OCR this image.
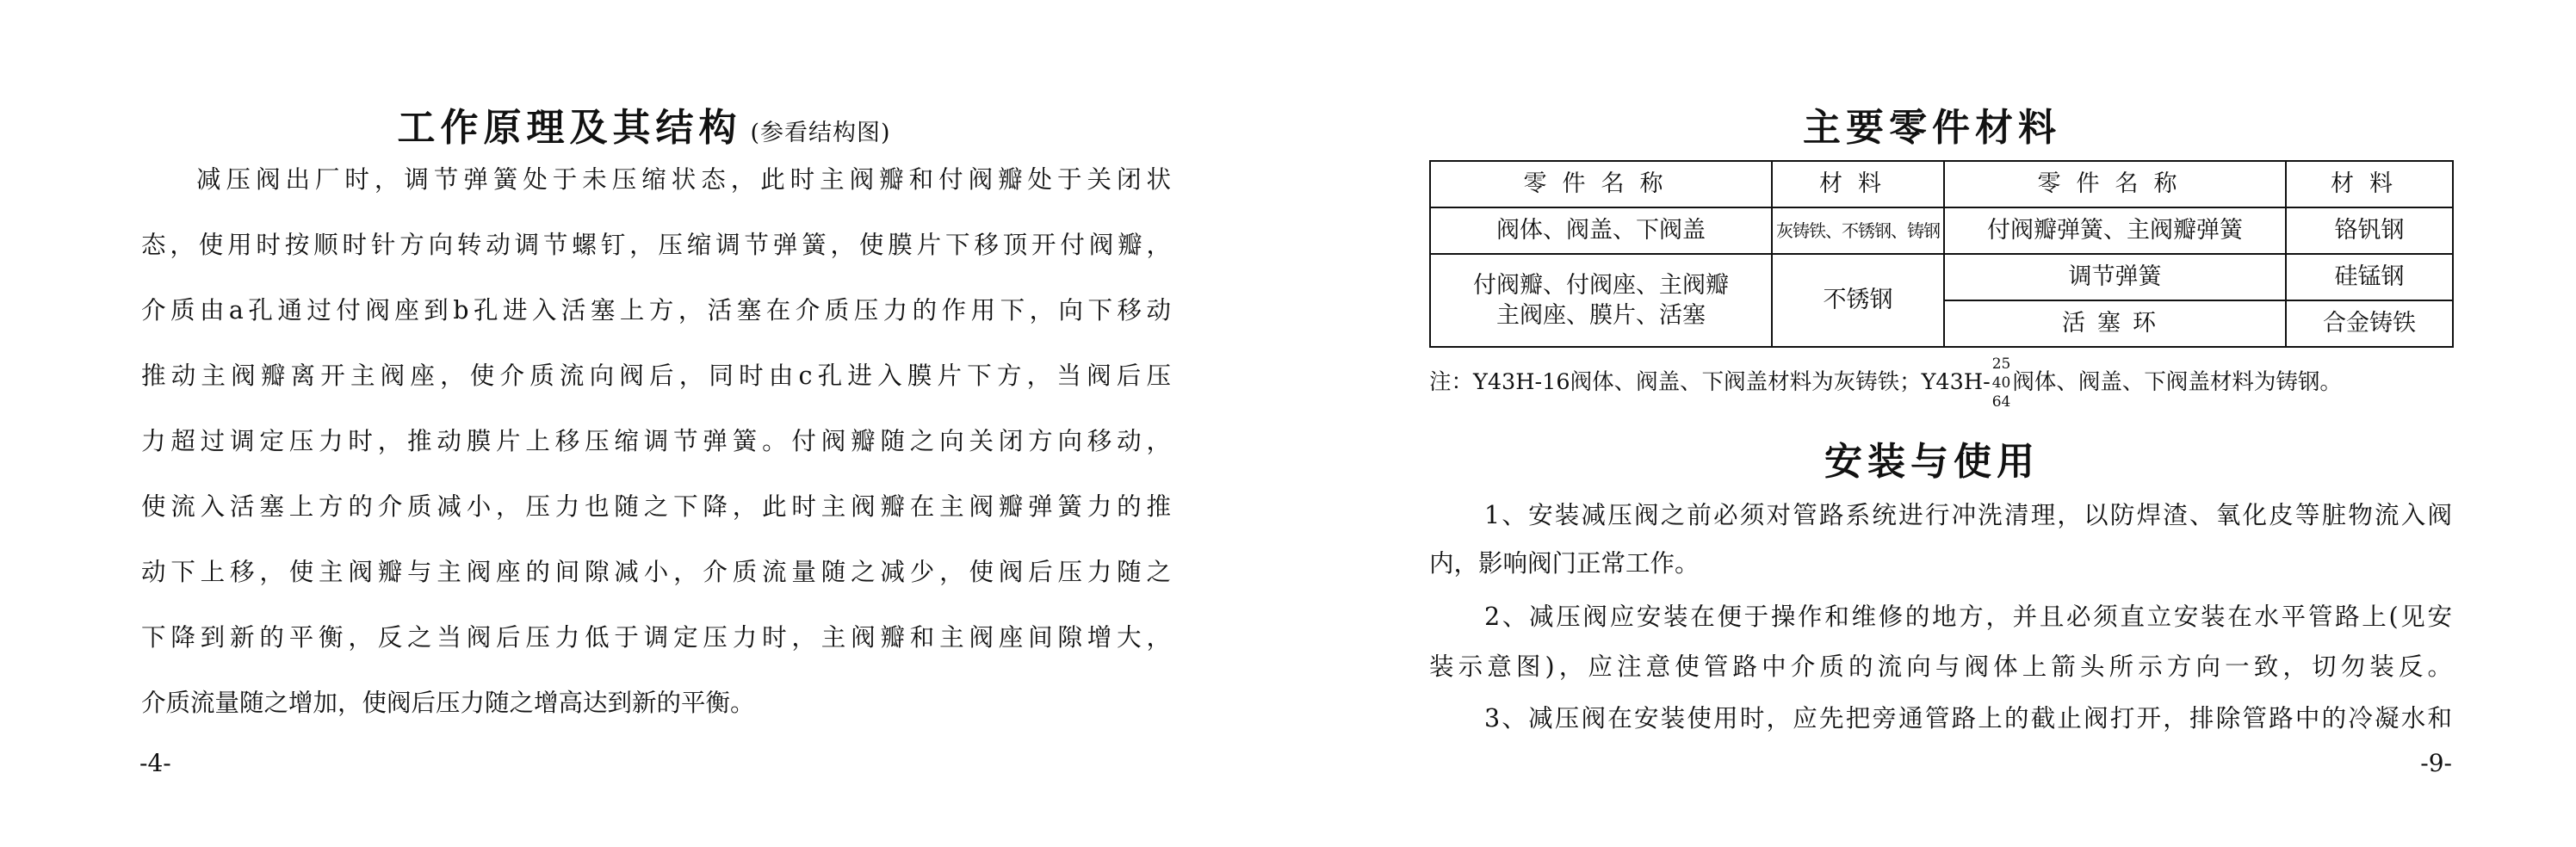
工作原理及其结构 (参看结构图)
减压阀出厂时，调节弹簧处于未压缩状态，此时主阀瓣和付阀瓣处于关闭状
态，使用时按顺时针方向转动调节螺钉，压缩调节弹簧，使膜片下移顶开付阀瓣，
介质由a孔通过付阀座到b孔进入活塞上方，活塞在介质压力的作用下，向下移动
推动主阀瓣离开主阀座，使介质流向阀后，同时由c孔进入膜片下方，当阀后压
力超过调定压力时，推动膜片上移压缩调节弹簧。付阀瓣随之向关闭方向移动，
使流入活塞上方的介质减小，压力也随之下降，此时主阀瓣在主阀瓣弹簧力的推
动下上移，使主阀瓣与主阀座的间隙减小，介质流量随之减少，使阀后压力随之
下降到新的平衡，反之当阀后压力低于调定压力时，主阀瓣和主阀座间隙增大，
介质流量随之增加，使阀后压力随之增高达到新的平衡。
-4-
主要零件材料
零件名称	材料	零件名称	材料
阀体、阀盖、下阀盖	灰铸铁、不锈钢、铸钢	付阀瓣弹簧、主阀瓣弹簧	铬钒钢

付阀瓣、付阀座、主阀瓣
主阀座、膜片、活塞	不锈钢	调节弹簧	硅锰钢
		活塞环	合金铸铁
注：Y43H-16阀体、阀盖、下阀盖材料为灰铸铁；Y43H-
25
40
64
阀体、阀盖、下阀盖材料为铸钢。
安装与使用
1、安装减压阀之前必须对管路系统进行冲洗清理，以防焊渣、氧化皮等脏物流入阀
内，影响阀门正常工作。
2、减压阀应安装在便于操作和维修的地方，并且必须直立安装在水平管路上(见安
装示意图)，应注意使管路中介质的流向与阀体上箭头所示方向一致，切勿装反。
3、减压阀在安装使用时，应先把旁通管路上的截止阀打开，排除管路中的冷凝水和
-9-
